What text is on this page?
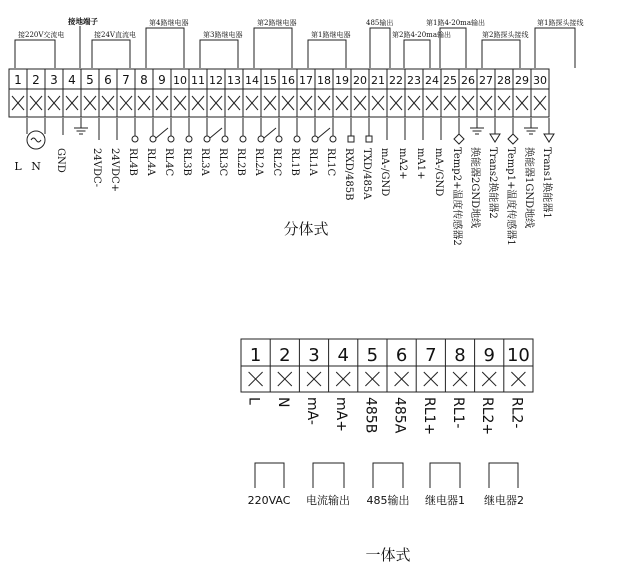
接220V交流电
接地端子
接24V直流电
第4路继电器
第3路继电器
第2路继电器
第1路继电器
485输出
第2路4-20ma输出
第1路4-20ma输出
第2路探头接线
第1路探头接线
1 2 3 4 5 6 7 8 9 10 11 12 13 14 15 16 17 18 19 20 21 22 23 24 25 26 27 28 29 30
L N GND	24VDC- 24VDC+ RL4B RL4A RL4C RL3B RL3A RL3C RL2B RL2A RL2C RL1B RL1A RL1C RXD/485B TXD/485A mA-/GND mA2+ mA1+ mA-/GND Temp2+温度传感器2 换能器2GND地线 Trans2换能器2 Temp1+温度传感器1 换能器1GND地线 Trans1换能器1
分体式
1 2 3 4 5 6 7 8 9 10
L N mA- mA+ 485B 485A RL1+ RL1- RL2+ RL2-
220VAC 电流输出 485输出 继电器1 继电器2
一体式
